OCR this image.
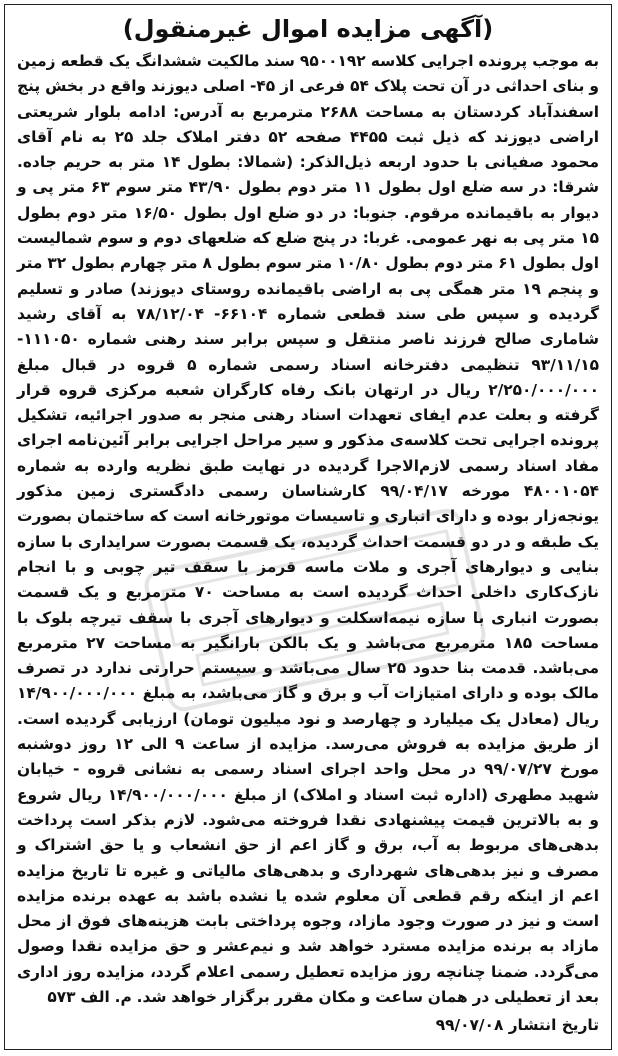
(آگهی مزایده اموال غیرمنقول)

به موجب پرونده اجرایی کلاسه ۹۵۰۰۱۹۲ سند مالکیت ششدانگ یک قطعه زمین و بنای احداثی در آن تحت پلاک ۵۴ فرعی از ۴۵- اصلی دیوزند واقع در بخش پنج اسفندآباد کردستان به مساحت ۲۶۸۸ مترمربع به آدرس: ادامه بلوار شریعتی اراضی دیوزند که ذیل ثبت ۴۴۵۵ صفحه ۵۲ دفتر املاک جلد ۲۵ به نام آقای محمود صفیانی با حدود اربعه ذیل‌الذکر: (شمالا: بطول ۱۴ متر به حریم جاده. شرقا: در سه ضلع اول بطول ۱۱ متر دوم بطول ۴۳/۹۰ متر سوم ۶۳ متر پی و دیوار به باقیمانده مرقوم. جنوبا: در دو ضلع اول بطول ۱۶/۵۰ متر دوم بطول ۱۵ متر پی به نهر عمومی. غربا: در پنج ضلع که ضلعهای دوم و سوم شمالیست اول بطول ۶۱ متر دوم بطول ۱۰/۸۰ متر سوم بطول ۸ متر چهارم بطول ۳۲ متر و پنجم ۱۹ متر همگی پی به اراضی باقیمانده روستای دیوزند) صادر و تسلیم گردیده و سپس طی سند قطعی شماره ۶۶۱۰۴- ۷۸/۱۲/۰۴ به آقای رشید شاماری صالح فرزند ناصر منتقل و سپس برابر سند رهنی شماره ۱۱۱۰۵۰- ۹۳/۱۱/۱۵ تنظیمی دفترخانه اسناد رسمی شماره ۵ قروه در قبال مبلغ ۲/۲۵۰/۰۰۰/۰۰۰ ریال در ارتهان بانک رفاه کارگران شعبه مرکزی قروه قرار گرفته و بعلت عدم ایفای تعهدات اسناد رهنی منجر به صدور اجرائیه، تشکیل پرونده اجرایی تحت کلاسه‌ی مذکور و سیر مراحل اجرایی برابر آئین‌نامه اجرای مفاد اسناد رسمی لازم‌الاجرا گردیده در نهایت طبق نظریه وارده به شماره ۴۸۰۰۱۰۵۴ مورخه ۹۹/۰۴/۱۷ کارشناسان رسمی دادگستری زمین مذکور یونجه‌زار بوده و دارای انباری و تاسیسات موتورخانه است که ساختمان بصورت یک طبقه و در دو قسمت احداث گردیده، یک قسمت بصورت سرایداری با سازه بنایی و دیوارهای آجری و ملات ماسه قرمز با سقف تیر چوبی و با انجام نازک‌کاری داخلی احداث گردیده است به مساحت ۷۰ مترمربع و یک قسمت بصورت انباری با سازه نیمه‌اسکلت و دیوارهای آجری با سقف تیرچه بلوک با مساحت ۱۸۵ مترمربع می‌باشد و یک بالکن بارانگیر به مساحت ۲۷ مترمربع می‌باشد. قدمت بنا حدود ۲۵ سال می‌باشد و سیستم حرارتی ندارد در تصرف مالک بوده و دارای امتیازات آب و برق و گاز می‌باشد، به مبلغ ۱۴/۹۰۰/۰۰۰/۰۰۰ ریال (معادل یک میلیارد و چهارصد و نود میلیون تومان) ارزیابی گردیده است. از طریق مزایده به فروش می‌رسد. مزایده از ساعت ۹ الی ۱۲ روز دوشنبه مورخ ۹۹/۰۷/۲۷ در محل واحد اجرای اسناد رسمی به نشانی قروه - خیابان شهید مطهری (اداره ثبت اسناد و املاک) از مبلغ ۱۴/۹۰۰/۰۰۰/۰۰۰ ریال شروع و به بالاترین قیمت پیشنهادی نقدا فروخته می‌شود. لازم بذکر است پرداخت بدهی‌های مربوط به آب، برق و گاز اعم از حق انشعاب و یا حق اشتراک و مصرف و نیز بدهی‌های شهرداری و بدهی‌های مالیاتی و غیره تا تاریخ مزایده اعم از اینکه رقم قطعی آن معلوم شده یا نشده باشد به عهده برنده مزایده است و نیز در صورت وجود مازاد، وجوه پرداختی بابت هزینه‌های فوق از محل مازاد به برنده مزایده مسترد خواهد شد و نیم‌عشر و حق مزایده نقدا وصول می‌گردد. ضمنا چنانچه روز مزایده تعطیل رسمی اعلام گردد، مزایده روز اداری بعد از تعطیلی در همان ساعت و مکان مقرر برگزار خواهد شد. م. الف ۵۷۳

تاریخ انتشار ۹۹/۰۷/۰۸
